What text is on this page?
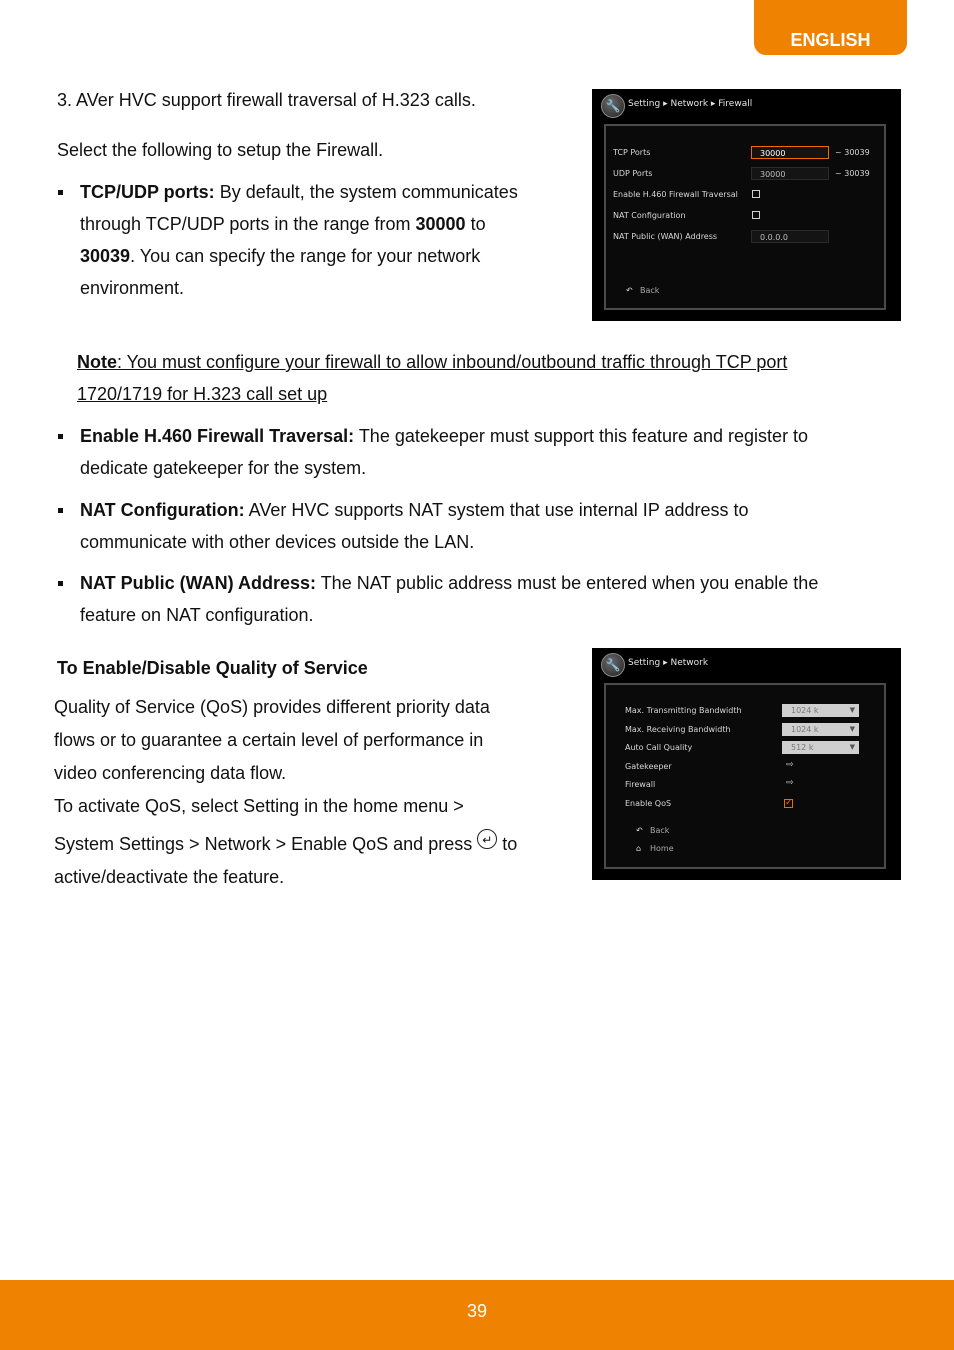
ENGLISH
3. AVer HVC support firewall traversal of H.323 calls.
Select the following to setup the Firewall.
TCP/UDP ports: By default, the system communicates
through TCP/UDP ports in the range from 30000 to
30039. You can specify the range for your network
environment.
🔧 Setting ▸ Network ▸ Firewall
TCP Ports	30000	~ 30039
UDP Ports	30000	~ 30039
Enable H.460 Firewall Traversal
NAT Configuration
NAT Public (WAN) Address	0.0.0.0
↶ Back
Note: You must configure your firewall to allow inbound/outbound traffic through TCP port
1720/1719 for H.323 call set up
Enable H.460 Firewall Traversal: The gatekeeper must support this feature and register to
dedicate gatekeeper for the system.
NAT Configuration: AVer HVC supports NAT system that use internal IP address to
communicate with other devices outside the LAN.
NAT Public (WAN) Address: The NAT public address must be entered when you enable the
feature on NAT configuration.
To Enable/Disable Quality of Service
Quality of Service (QoS) provides different priority data
flows or to guarantee a certain level of performance in
video conferencing data flow.
To activate QoS, select Setting in the home menu >
System Settings > Network > Enable QoS and press ↵ to
active/deactivate the feature.
🔧 Setting ▸ Network
Max. Transmitting Bandwidth	1024 k	▼
Max. Receiving Bandwidth	1024 k	▼
Auto Call Quality	512 k	▼
Gatekeeper	⇨
Firewall	⇨
Enable QoS	✓
↶ Back
⌂ Home
39
